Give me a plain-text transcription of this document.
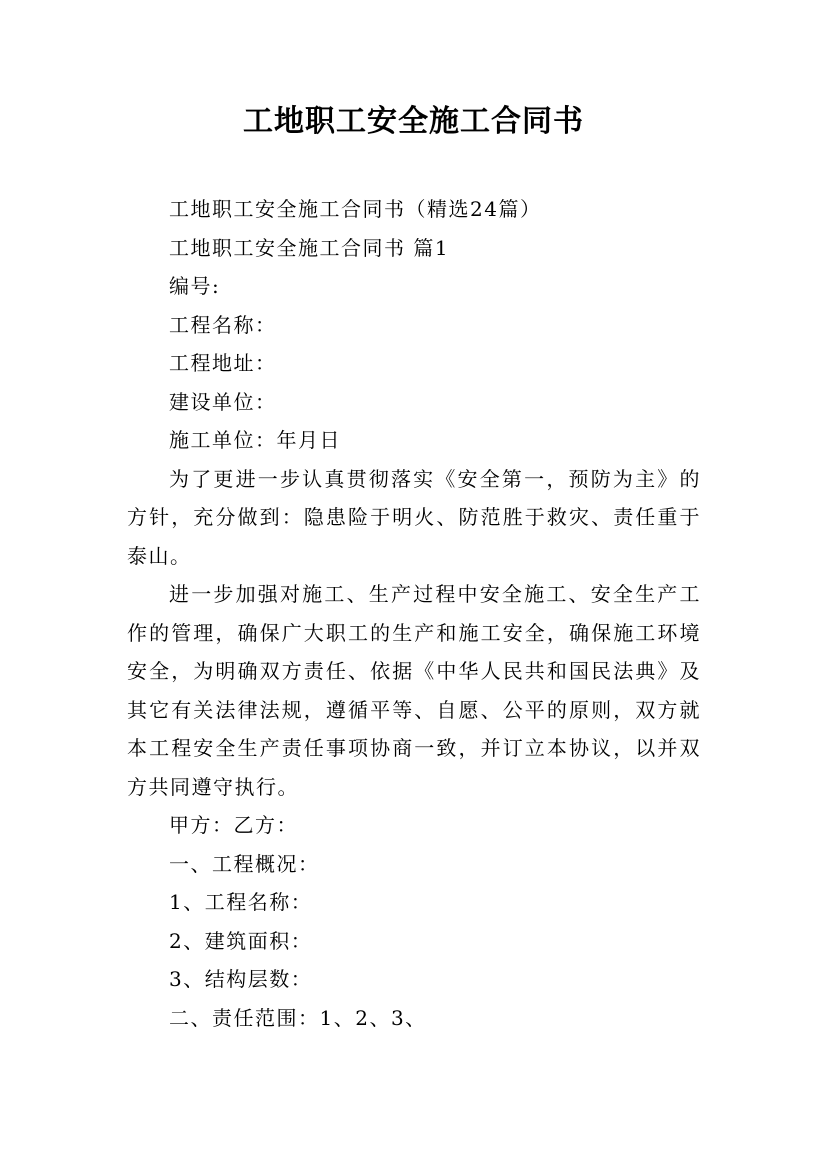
工地职工安全施工合同书

工地职工安全施工合同书（精选24篇）

工地职工安全施工合同书 篇1

编号:

工程名称：

工程地址：

建设单位：

施工单位：年月日

为了更进一步认真贯彻落实《安全第一，预防为主》的方针，充分做到：隐患险于明火、防范胜于救灾、责任重于泰山。

进一步加强对施工、生产过程中安全施工、安全生产工作的管理，确保广大职工的生产和施工安全，确保施工环境安全，为明确双方责任、依据《中华人民共和国民法典》及其它有关法律法规，遵循平等、自愿、公平的原则，双方就本工程安全生产责任事项协商一致，并订立本协议，以并双方共同遵守执行。

甲方：乙方：

一、工程概况：

1、工程名称：

2、建筑面积：

3、结构层数：

二、责任范围：1、2、3、
